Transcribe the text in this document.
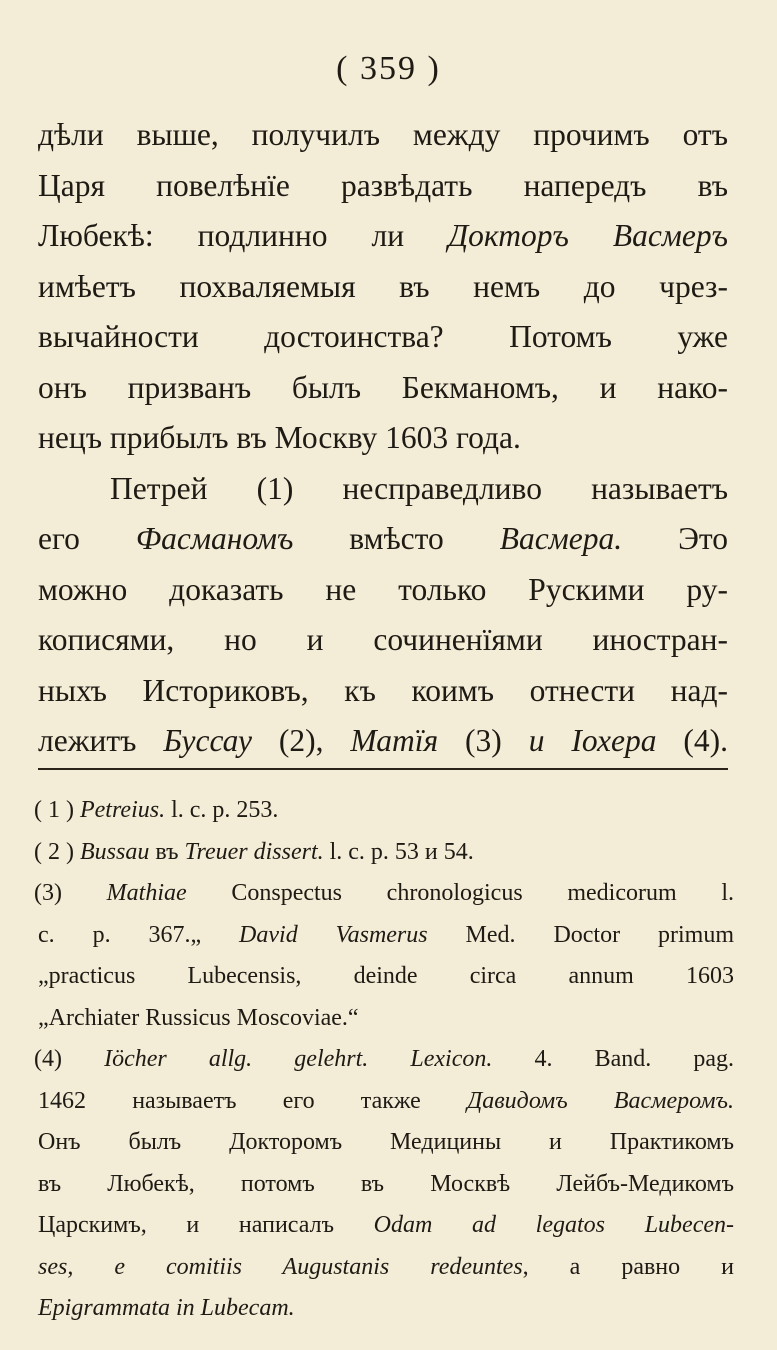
( 359 )
дѣли выше, получилъ между прочимъ отъ
Царя повелѣнїе развѣдать напередъ въ
Любекѣ: подлинно ли Докторъ Васмеръ
имѣетъ похваляемыя въ немъ до чрез-
вычайности достоинства? Потомъ уже
онъ призванъ былъ Бекманомъ, и нако-
нецъ прибылъ въ Москву 1603 года.
Петрей (1) несправедливо называетъ
его Фасманомъ вмѣсто Васмера. Это
можно доказать не только Рускими ру-
кописями, но и сочиненїями иностран-
ныхъ Историковъ, къ коимъ отнести над-
лежитъ Буссау (2), Матїя (3) и Іохера (4).
( 1 ) Petreius. l. c. p. 253.
( 2 ) Bussau въ Treuer dissert. l. c. p. 53 и 54.
(3) Mathiae Conspectus chronologicus medicorum l.
c. p. 367.„ David Vasmerus Med. Doctor primum
„practicus Lubecensis, deinde circa annum 1603
„Archiater Russicus Moscoviae.“
(4) Iöcher allg. gelehrt. Lexicon. 4. Band. pag.
1462 называетъ его также Давидомъ Васмеромъ.
Онъ былъ Докторомъ Медицины и Практикомъ
въ Любекѣ, потомъ въ Москвѣ Лейбъ-Медикомъ
Царскимъ, и написалъ Odam ad legatos Lubecen-
ses, e comitiis Augustanis redeuntes, а равно и
Epigrammata in Lubecam.
